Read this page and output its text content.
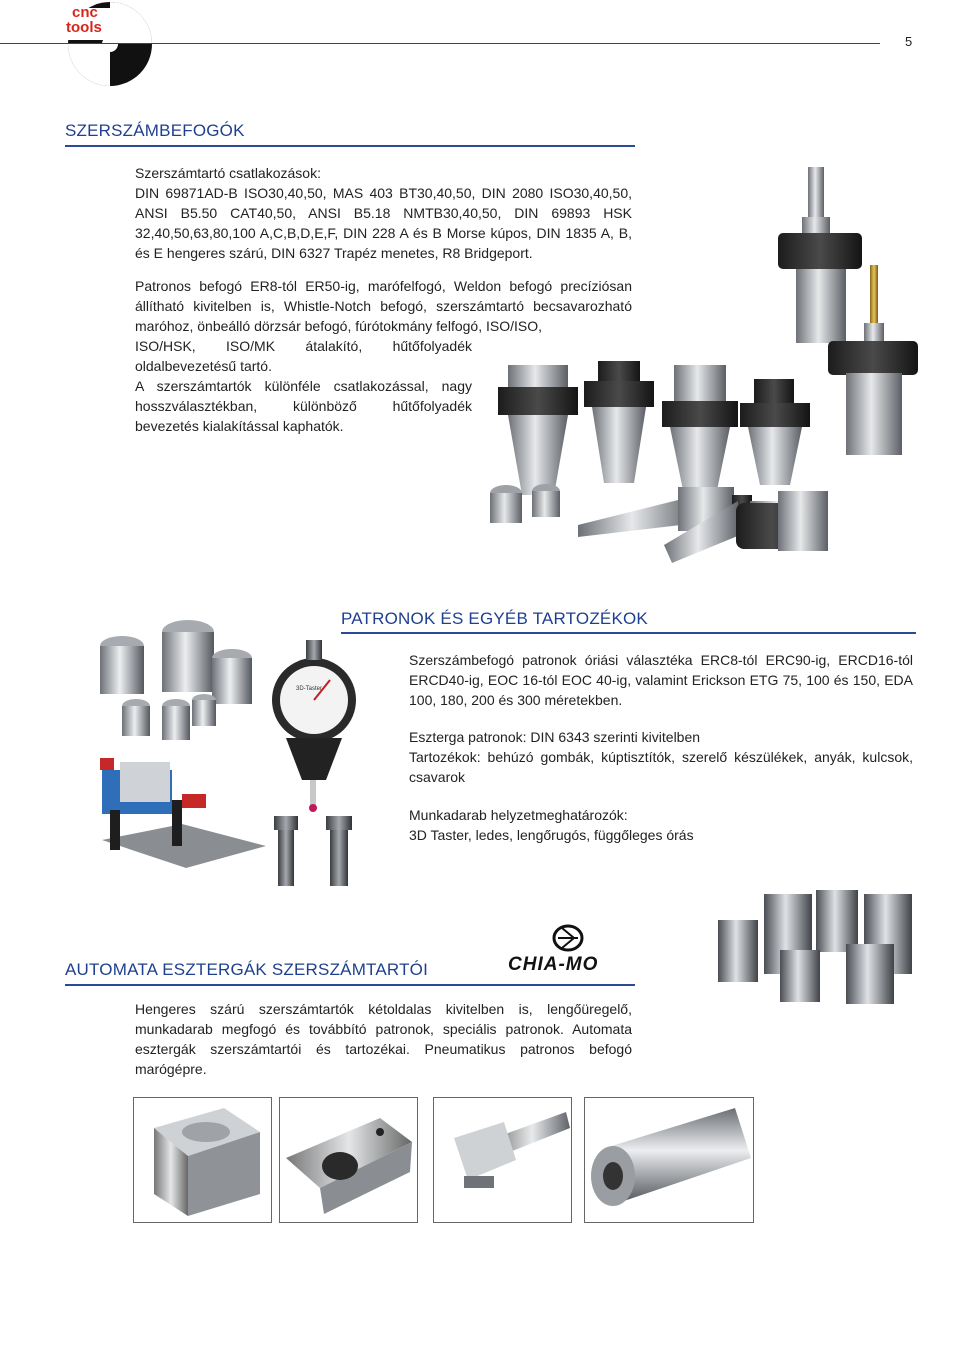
cnc
tools
5
SZERSZÁMBEFOGÓK

Szerszámtartó csatlakozások:

DIN 69871AD-B ISO30,40,50, MAS 403 BT30,40,50, DIN 2080 ISO30,40,50, ANSI B5.50 CAT40,50, ANSI B5.18 NMTB30,40,50, DIN 69893 HSK 32,40,50,63,80,100 A,C,B,D,E,F, DIN 228 A és B Morse kúpos, DIN 1835 A, B, és E hengeres szárú, DIN 6327 Trapéz menetes, R8 Bridgeport.

Patronos befogó ER8-tól ER50-ig, marófelfogó, Weldon befogó precíziósan állítható kivitelben is, Whistle-Notch befogó, szerszámtartó becsavarozható maróhoz, önbeálló dörzsár befogó, fúrótokmány felfogó, ISO/ISO,

ISO/HSK, ISO/MK átalakító, hűtőfolyadék oldalbevezetésű tartó.

A szerszámtartók különféle csatlakozással, nagy hosszválasztékban, különböző hűtőfolyadék bevezetés kialakítással kaphatók.

PATRONOK ÉS EGYÉB TARTOZÉKOK
3D-Taster

Szerszámbefogó patronok óriási választéka ERC8-tól ERC90-ig, ERCD16-tól ERCD40-ig, EOC 16-tól EOC 40-ig, valamint Erickson ETG 75, 100 és 150, EDA 100, 180, 200 és 300 méretekben.

Eszterga patronok: DIN 6343 szerinti kivitelben

Tartozékok: behúzó gombák, kúptisztítók, szerelő készülékek, anyák, kulcsok, csavarok

Munkadarab helyzetmeghatározók:

3D Taster, ledes, lengőrugós, függőleges órás

AUTOMATA ESZTERGÁK SZERSZÁMTARTÓI	CHIA-MO

Hengeres szárú szerszámtartók kétoldalas kivitelben is, lengőüregelő, munkadarab megfogó és továbbító patronok, speciális patronok. Automata esztergák szerszámtartói és tartozékai. Pneumatikus patronos befogó marógépre.
